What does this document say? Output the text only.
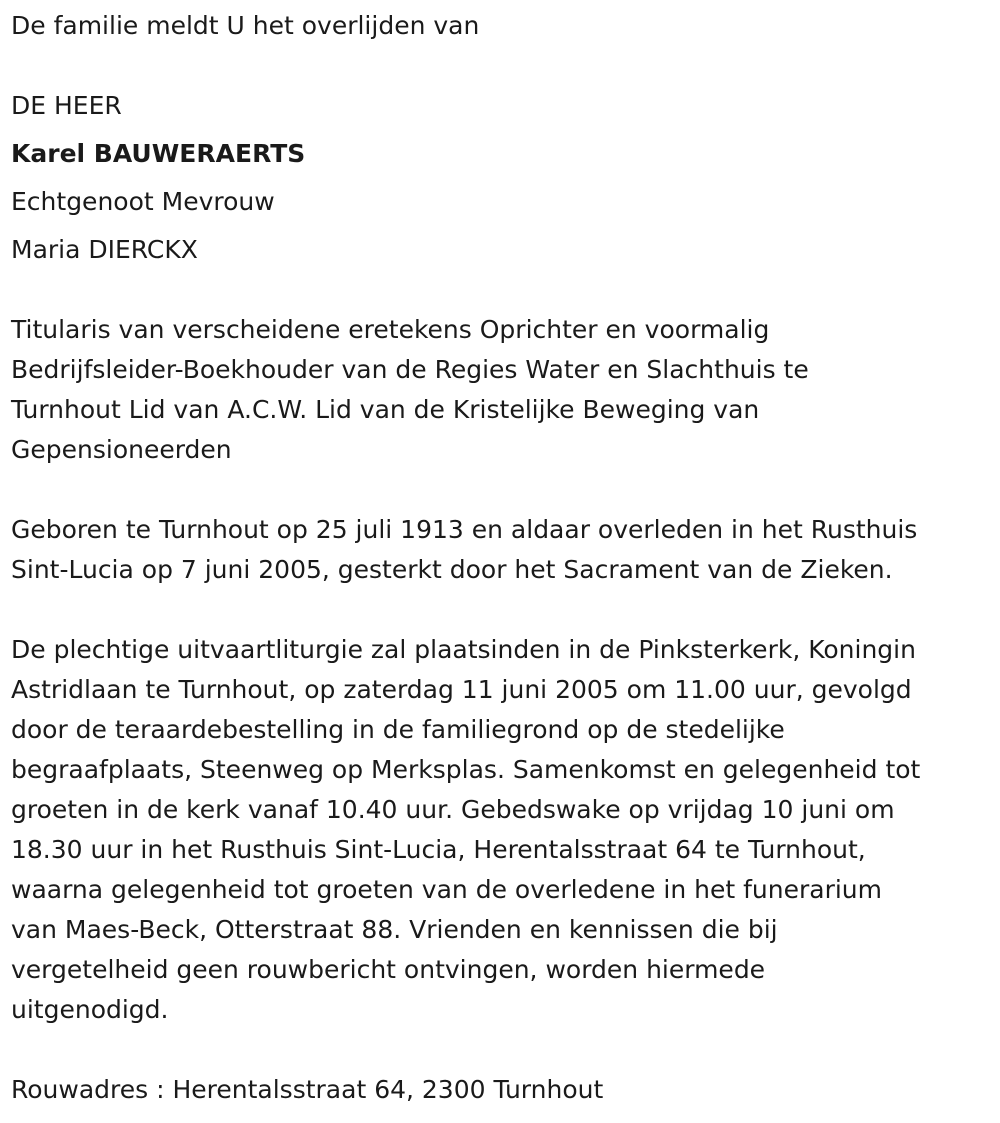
De familie meldt U het overlijden van

DE HEER

Karel BAUWERAERTS

Echtgenoot Mevrouw

Maria DIERCKX

Titularis van verscheidene eretekens Oprichter en voormalig

Bedrijfsleider-Boekhouder van de Regies Water en Slachthuis te

Turnhout Lid van A.C.W. Lid van de Kristelijke Beweging van

Gepensioneerden

Geboren te Turnhout op 25 juli 1913 en aldaar overleden in het Rusthuis

Sint-Lucia op 7 juni 2005, gesterkt door het Sacrament van de Zieken.

De plechtige uitvaartliturgie zal plaatsinden in de Pinksterkerk, Koningin

Astridlaan te Turnhout, op zaterdag 11 juni 2005 om 11.00 uur, gevolgd

door de teraardebestelling in de familiegrond op de stedelijke

begraafplaats, Steenweg op Merksplas. Samenkomst en gelegenheid tot

groeten in de kerk vanaf 10.40 uur. Gebedswake op vrijdag 10 juni om

18.30 uur in het Rusthuis Sint-Lucia, Herentalsstraat 64 te Turnhout,

waarna gelegenheid tot groeten van de overledene in het funerarium

van Maes-Beck, Otterstraat 88. Vrienden en kennissen die bij

vergetelheid geen rouwbericht ontvingen, worden hiermede

uitgenodigd.

Rouwadres : Herentalsstraat 64, 2300 Turnhout
